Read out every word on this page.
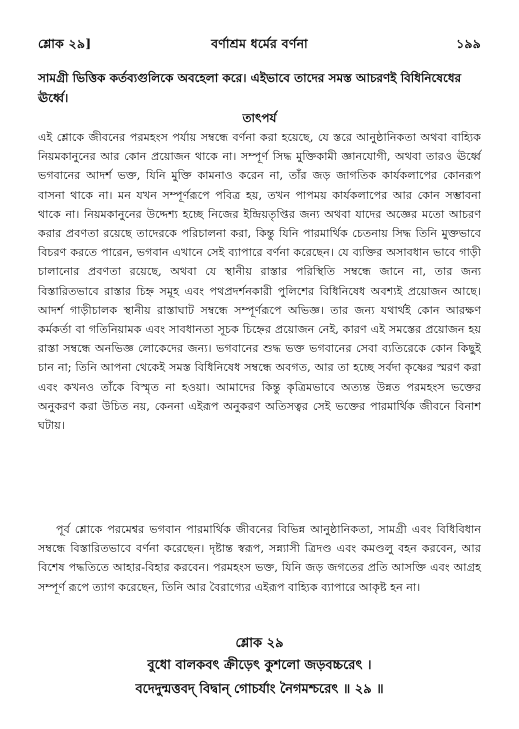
শ্লোক ২৯]	বর্ণাশ্রম ধর্মের বর্ণনা	১৯৯
সামগ্রী ভিত্তিক কর্তব্যগুলিকে অবহেলা করে। এইভাবে তাদের সমস্ত আচরণই বিধিনিষেধের ঊর্ধ্বে।
তাৎপর্য
এই শ্লোকে জীবনের পরমহংস পর্যায় সম্বন্ধে বর্ণনা করা হয়েছে, যে স্তরে আনুষ্ঠানিকতা অথবা বাহ্যিক নিয়মকানুনের আর কোন প্রয়োজন থাকে না। সম্পূর্ণ সিদ্ধ মুক্তিকামী জ্ঞানযোগী, অথবা তারও ঊর্ধ্বে ভগবানের আদর্শ ভক্ত, যিনি মুক্তি কামনাও করেন না, তাঁর জড় জাগতিক কার্যকলাপের কোনরূপ বাসনা থাকে না। মন যখন সম্পূর্ণরূপে পবিত্র হয়, তখন পাপময় কার্যকলাপের আর কোন সম্ভাবনা থাকে না। নিয়মকানুনের উদ্দেশ্য হচ্ছে নিজের ইন্দ্রিয়তৃপ্তির জন্য অথবা যাদের অজ্ঞের মতো আচরণ করার প্রবণতা রয়েছে তাদেরকে পরিচালনা করা, কিন্তু যিনি পারমার্থিক চেতনায় সিদ্ধ তিনি মুক্তভাবে বিচরণ করতে পারেন, ভগবান এখানে সেই ব্যাপারে বর্ণনা করেছেন। যে ব্যক্তির অসাবধান ভাবে গাড়ী চালানোর প্রবণতা রয়েছে, অথবা যে স্থানীয় রাস্তার পরিস্থিতি সম্বন্ধে জানে না, তার জন্য বিস্তারিতভাবে রাস্তার চিহ্ন সমূহ এবং পথপ্রদর্শনকারী পুলিশের বিধিনিষেধ অবশ্যই প্রয়োজন আছে। আদর্শ গাড়ীচালক স্থানীয় রাস্তাঘাট সম্বন্ধে সম্পূর্ণরূপে অভিজ্ঞ। তার জন্য যথার্থই কোন আরক্ষণ কর্মকর্তা বা গতিনিয়ামক এবং সাবধানতা সূচক চিহ্নের প্রয়োজন নেই, কারণ এই সমস্তের প্রয়োজন হয় রাস্তা সম্বন্ধে অনভিজ্ঞ লোকেদের জন্য। ভগবানের শুদ্ধ ভক্ত ভগবানের সেবা ব্যতিরেকে কোন কিছুই চান না; তিনি আপনা থেকেই সমস্ত বিধিনিষেধ সম্বন্ধে অবগত, আর তা হচ্ছে সর্বদা কৃষ্ণের স্মরণ করা এবং কখনও তাঁকে বিস্মৃত না হওয়া। আমাদের কিন্তু কৃত্রিমভাবে অত্যন্ত উন্নত পরমহংস ভক্তের অনুকরণ করা উচিত নয়, কেননা এইরূপ অনুকরণ অতিসত্বর সেই ভক্তের পারমার্থিক জীবনে বিনাশ ঘটায়।
পূর্ব শ্লোকে পরমেশ্বর ভগবান পারমার্থিক জীবনের বিভিন্ন আনুষ্ঠানিকতা, সামগ্রী এবং বিধিবিধান সম্বন্ধে বিস্তারিতভাবে বর্ণনা করেছেন। দৃষ্টান্ত স্বরূপ, সন্ন্যাসী ত্রিদণ্ড এবং কমণ্ডলু বহন করবেন, আর বিশেষ পদ্ধতিতে আহার-বিহার করবেন। পরমহংস ভক্ত, যিনি জড় জগতের প্রতি আসক্তি এবং আগ্রহ সম্পূর্ণ রূপে ত্যাগ করেছেন, তিনি আর বৈরাগ্যের এইরূপ বাহ্যিক ব্যাপারে আকৃষ্ট হন না।
শ্লোক ২৯
বুধো বালকবৎ ক্রীড়েৎ কুশলো জড়বচ্চরেৎ ।
বদেদুন্মত্তবদ্ বিদ্বান্ গোচর্যাং নৈগমশ্চরেৎ ॥ ২৯ ॥
